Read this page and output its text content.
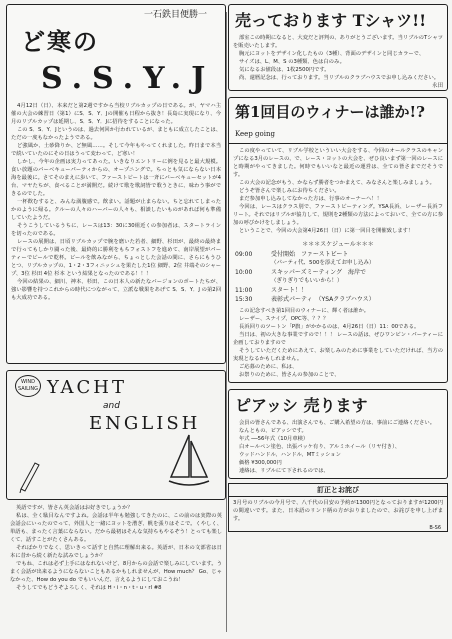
一石鉄目便勝一
ど寒の
S.S.Y.J

4月12日（日）、本来だと第2週ですから当校リブルカップの日である。が、ヤマハ主催の大会の練習日（第1）にS．S．Y．Jの開催も日程から抜き！長島に実現になり、今月のリブルカップは延期し、S．S．Y．Jに招待をすることになった。

この S．S．Y．Jというのは、過去何回か行われているが、まともに成立したことは、ただの一度もなかったようである。

ど強風か、土砂降りか、ど無風……。そして今年もやってくれました。昨日まで本当で続いていたのにその日はうって変わって、ど寒い！

しかし、今年の企画は実力ってあった。いきなりエントリーに例を見ると最大規模。食い放題のバーベキューパーティからの、オープニングで。ちっとも気にならない日本海を最後に。さてそのまえに歩いて、ファーストビートは一斉にバーベキューセットが4台、マヤたちが、食べることが満開だ。続けて歌を歌詞皆で歌うときに、味わう事ができるのでした。

一杯飲むすると、みんな満腹感で。飲まい。話題が止まらない。ちと忘れてしまったかのように帰る。クルーの人々のハーバーの人々も、相談したいものがあれば何も準備していたようだ。

そうこうしているうちに、レースは13：30に30組近くの参加者は、スタートラインを切ったのである。

レースの展開は、日頃リブルカップで腕を磨いた若者、細野、杉田が、最終の最終まで行ってもしかり闘った後、最終的に勝利をもちフォストフを進めて、南岸展望がパーティーでビールで乾杯。ビールを飲みながら、ちょっとした会話の間に、さらにもうひとつ、リブルカップの、1・2・3フィニッシュを果たした1位 細野、2位 井端そのシャープ、3位 杉田 4位 杉本 という結果となったのである！！！

今回の結果の、細川、神本、杉田、この日本人の新たなバージョンのボートたちが、強い影響を持つこれからの時代につながって、立派な戦果をあげて S．S．Y．J の第2回も大成功である。

WIND SAILING YACHT
and
ENGLISH

英語ですが、皆さん英会話はお好きでしょうか？

私は、全く駄目なんですよね。会話は半年も勉強してきたのに、この前のは実際の英会話会にいったのでって、外国人と一緒にヨットを漕ぎ、帆を張りはそこで。くやしく、単語も、まったく言葉にならない。だから最初はそんな気持ちもやるぞう！とっても楽しくて、話すことがたくさんある。

そればかりでなく、思いきって話すと自然に理解出来る。英語が、日本の文部省は日本に昔から続く新たな試みでしょうか？

でもね、これは必ず上手にはなれないけど、8月からの会話で楽しみにしています。うまく会話が出来るようにならないこともあるかもしれませんが、How much？ Go、じゃなかった、How do you do でもいいんだ、言えるようにしておこうね！

そうしてでもどうぞよろしく、それは H・i・n・t・u・rl #8

売っております Tシャツ!!

部室この時期になると、大変だと評判の、ありがとうございます。当リブルのTシャツを販売いたします。

胸元にヨットをデザイン化したもの（3種）、背面のデザインと同じカラーで、

サイズは、L、M、S の3種類、色は白のみ。

気になるお値段は、1枚2500円です。

尚、還暦記念は、行っております。当リブルのクラブハウスでお申し込みください。

永田
第1回目のウィナーは誰か!? Keep going

この度やっていて、リブル学校といういい大会をする、今回のオールクラスのキャンプになる3月のレースの、で、レース・ヨットの大会を、ぜひ良いまず第一回のレースにと時期がやってきました。何時でもいいなと最近の運営は、全ての皆さまでだそうです。

この大会の記念がもう、かならず勝者をつかまえて、みなさんと楽しみましょう。

どうぞ皆さんで楽しみにお待ちください。

まだ参加申し込みしてなかった方は、行事のオーナーへ！！

今回は、レースはクラス別で、ファーストビーティング。YSA長浜、レーザー長浜フリート。それではリブルが協力して、規則を2種類の方法によっておいて、全ての方に参加の呼びかけをしましょう。

ということで、今回の大会第4月26日（日）に第一回目を開催致します！

＊＊＊スケジュール＊＊＊
09:00	受付開始　 ファーストビート
（パーティ代、500を添えてお申し込み）
10:00	スキッパーズミーティング　 海岸で
（ぎりぎりでもいいから！）
11:00	スタート！！
15:30	表彰式パーティ　 （YSAクラブハウス）

この記念すべき第1回目のウィナーに、輝く者は誰か。

レーザー、スナイプ、OPC等、？？？

長浜回りのツートン「P旗」がかかるのは、4月26日（日）11：00である。

当日は、初の大きな事業ですので！！！ レースの話は、ぜひワンピン・パーティーに企画しておりますので

そうしていただくためにあえて、お楽しみのために事業をしていただければ、当方の実現となるかもしれません。

ご応募のために、私は、

お祭りのために、皆さんの参加のことで、

ピアッシ 売ります

会員の皆さんである、出演さんでも、ご購入希望の方は、事前にご連絡ください。

なんともの、ピアッシです。

年式 ──56年式（10月車検）

白オールペン塗色、出張パッケ有り、アルミホイール（リヤ付き）、

ウッドハンドル、ハンドル、MTミッション

価格 ¥300,000円

連絡は、リブルにて下されるのでは、

訂正とお詫び
3月号のリブルの今月号で、八千代の目安の予約が1300円となっておりますが1200円の間違いです。また、日本語のリンド柄の方がおりましたので、お詫びを申し上げます。
B-S6
